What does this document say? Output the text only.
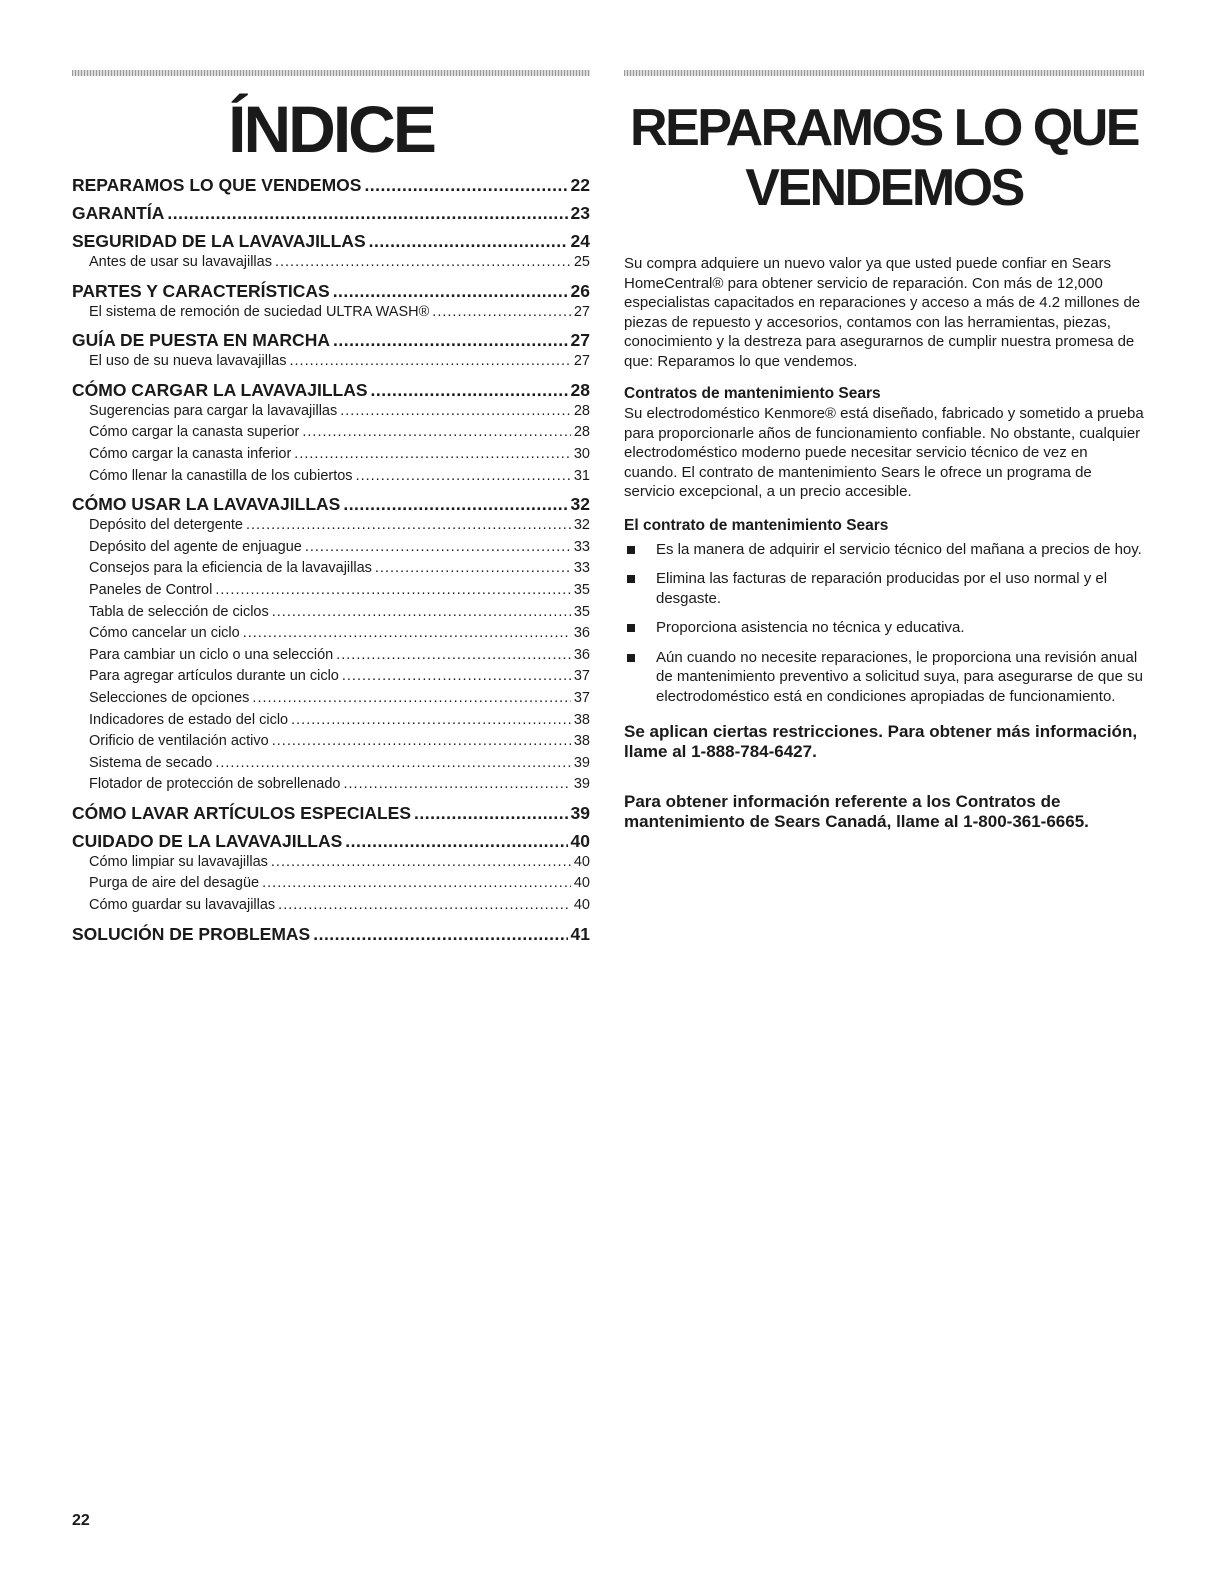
ÍNDICE
REPARAMOS LO QUE VENDEMOS .....	22
GARANTÍA .....	23
SEGURIDAD DE LA LAVAVAJILLAS .....	24
Antes de usar su lavavajillas .....	25
PARTES Y CARACTERÍSTICAS .....	26
El sistema de remoción de suciedad ULTRA WASH® .....	27
GUÍA DE PUESTA EN MARCHA .....	27
El uso de su nueva lavavajillas .....	27
CÓMO CARGAR LA LAVAVAJILLAS .....	28
Sugerencias para cargar la lavavajillas .....	28
Cómo cargar la canasta superior .....	28
Cómo cargar la canasta inferior .....	30
Cómo llenar la canastilla de los cubiertos .....	31
CÓMO USAR LA LAVAVAJILLAS .....	32
Depósito del detergente .....	32
Depósito del agente de enjuague .....	33
Consejos para la eficiencia de la lavavajillas .....	33
Paneles de Control .....	35
Tabla de selección de ciclos .....	35
Cómo cancelar un ciclo .....	36
Para cambiar un ciclo o una selección .....	36
Para agregar artículos durante un ciclo .....	37
Selecciones de opciones .....	37
Indicadores de estado del ciclo .....	38
Orificio de ventilación activo .....	38
Sistema de secado .....	39
Flotador de protección de sobrellenado .....	39
CÓMO LAVAR ARTÍCULOS ESPECIALES .....	39
CUIDADO DE LA LAVAVAJILLAS .....	40
Cómo limpiar su lavavajillas .....	40
Purga de aire del desagüe .....	40
Cómo guardar su lavavajillas .....	40
SOLUCIÓN DE PROBLEMAS .....	41
REPARAMOS LO QUE
VENDEMOS
Su compra adquiere un nuevo valor ya que usted puede confiar en Sears HomeCentral® para obtener servicio de reparación. Con más de 12,000 especialistas capacitados en reparaciones y acceso a más de 4.2 millones de piezas de repuesto y accesorios, contamos con las herramientas, piezas, conocimiento y la destreza para asegurarnos de cumplir nuestra promesa de que: Reparamos lo que vendemos.
Contratos de mantenimiento Sears
Su electrodoméstico Kenmore® está diseñado, fabricado y sometido a prueba para proporcionarle años de funcionamiento confiable. No obstante, cualquier electrodoméstico moderno puede necesitar servicio técnico de vez en cuando. El contrato de mantenimiento Sears le ofrece un programa de servicio excepcional, a un precio accesible.
El contrato de mantenimiento Sears
Es la manera de adquirir el servicio técnico del mañana a precios de hoy.
Elimina las facturas de reparación producidas por el uso normal y el desgaste.
Proporciona asistencia no técnica y educativa.
Aún cuando no necesite reparaciones, le proporciona una revisión anual de mantenimiento preventivo a solicitud suya, para asegurarse de que su electrodoméstico está en condiciones apropiadas de funcionamiento.
Se aplican ciertas restricciones. Para obtener más información, llame al 1-888-784-6427.
Para obtener información referente a los Contratos de mantenimiento de Sears Canadá, llame al 1-800-361-6665.
22
